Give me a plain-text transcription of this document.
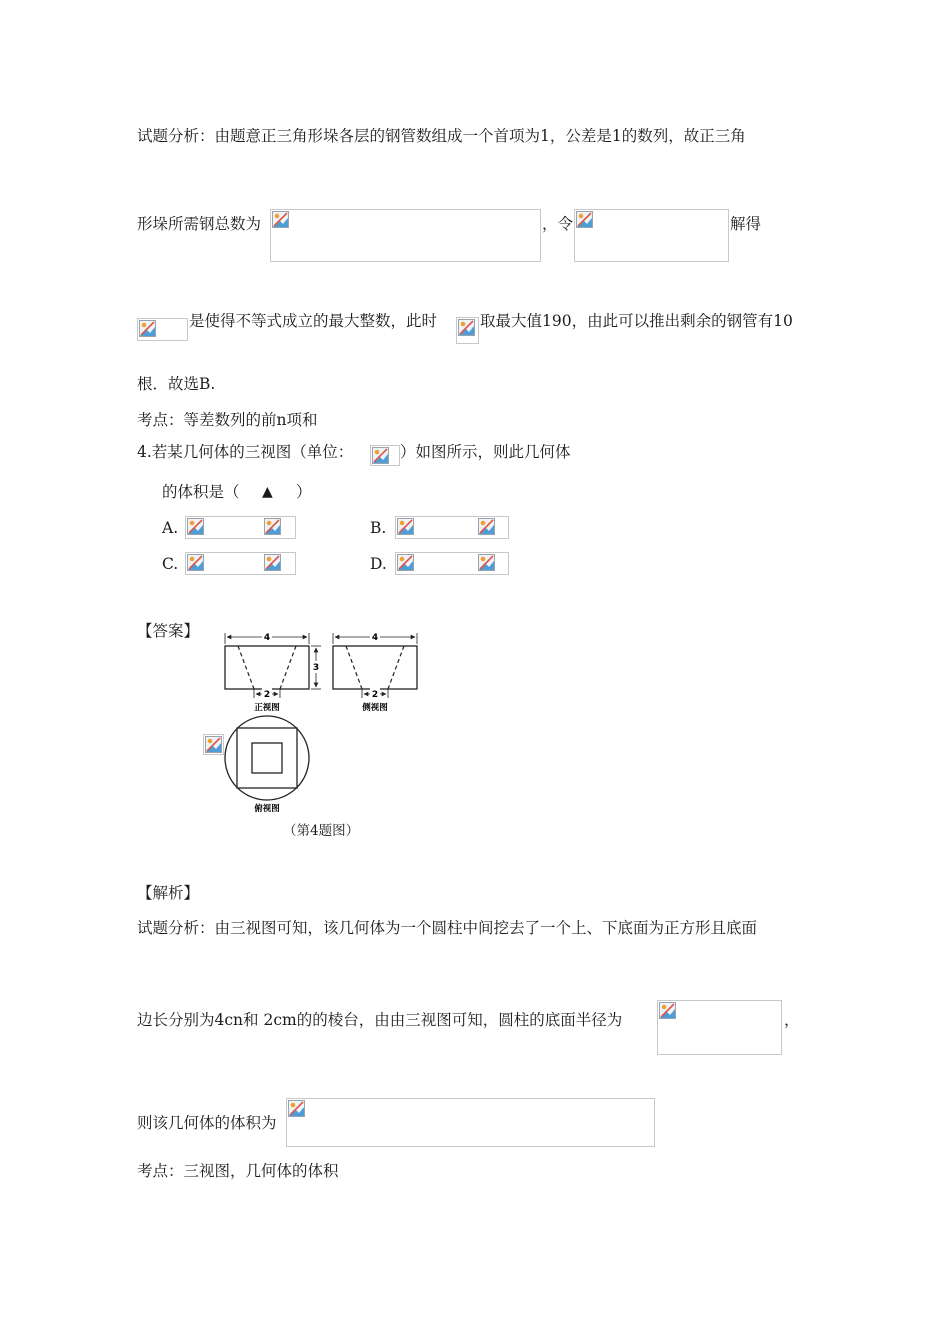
试题分析：由题意正三角形垛各层的钢管数组成一个首项为1，公差是1的数列，故正三角
形垛所需钢总数为	，令	解得
是使得不等式成立的最大整数，此时	取最大值190，由此可以推出剩余的钢管有10
根．故选B.
考点：等差数列的前n项和
4.若某几何体的三视图（单位：	）如图所示，则此几何体
的体积是（ ▲ ）
A.	B.
C.	D.
【答案】	4
3
2
正视图
4
2
侧视图
俯视图
（第4题图）
【解析】
试题分析：由三视图可知，该几何体为一个圆柱中间挖去了一个上、下底面为正方形且底面
边长分别为4cn和 2cm的的棱台，由由三视图可知，圆柱的底面半径为	，
则该几何体的体积为
考点：三视图，几何体的体积
